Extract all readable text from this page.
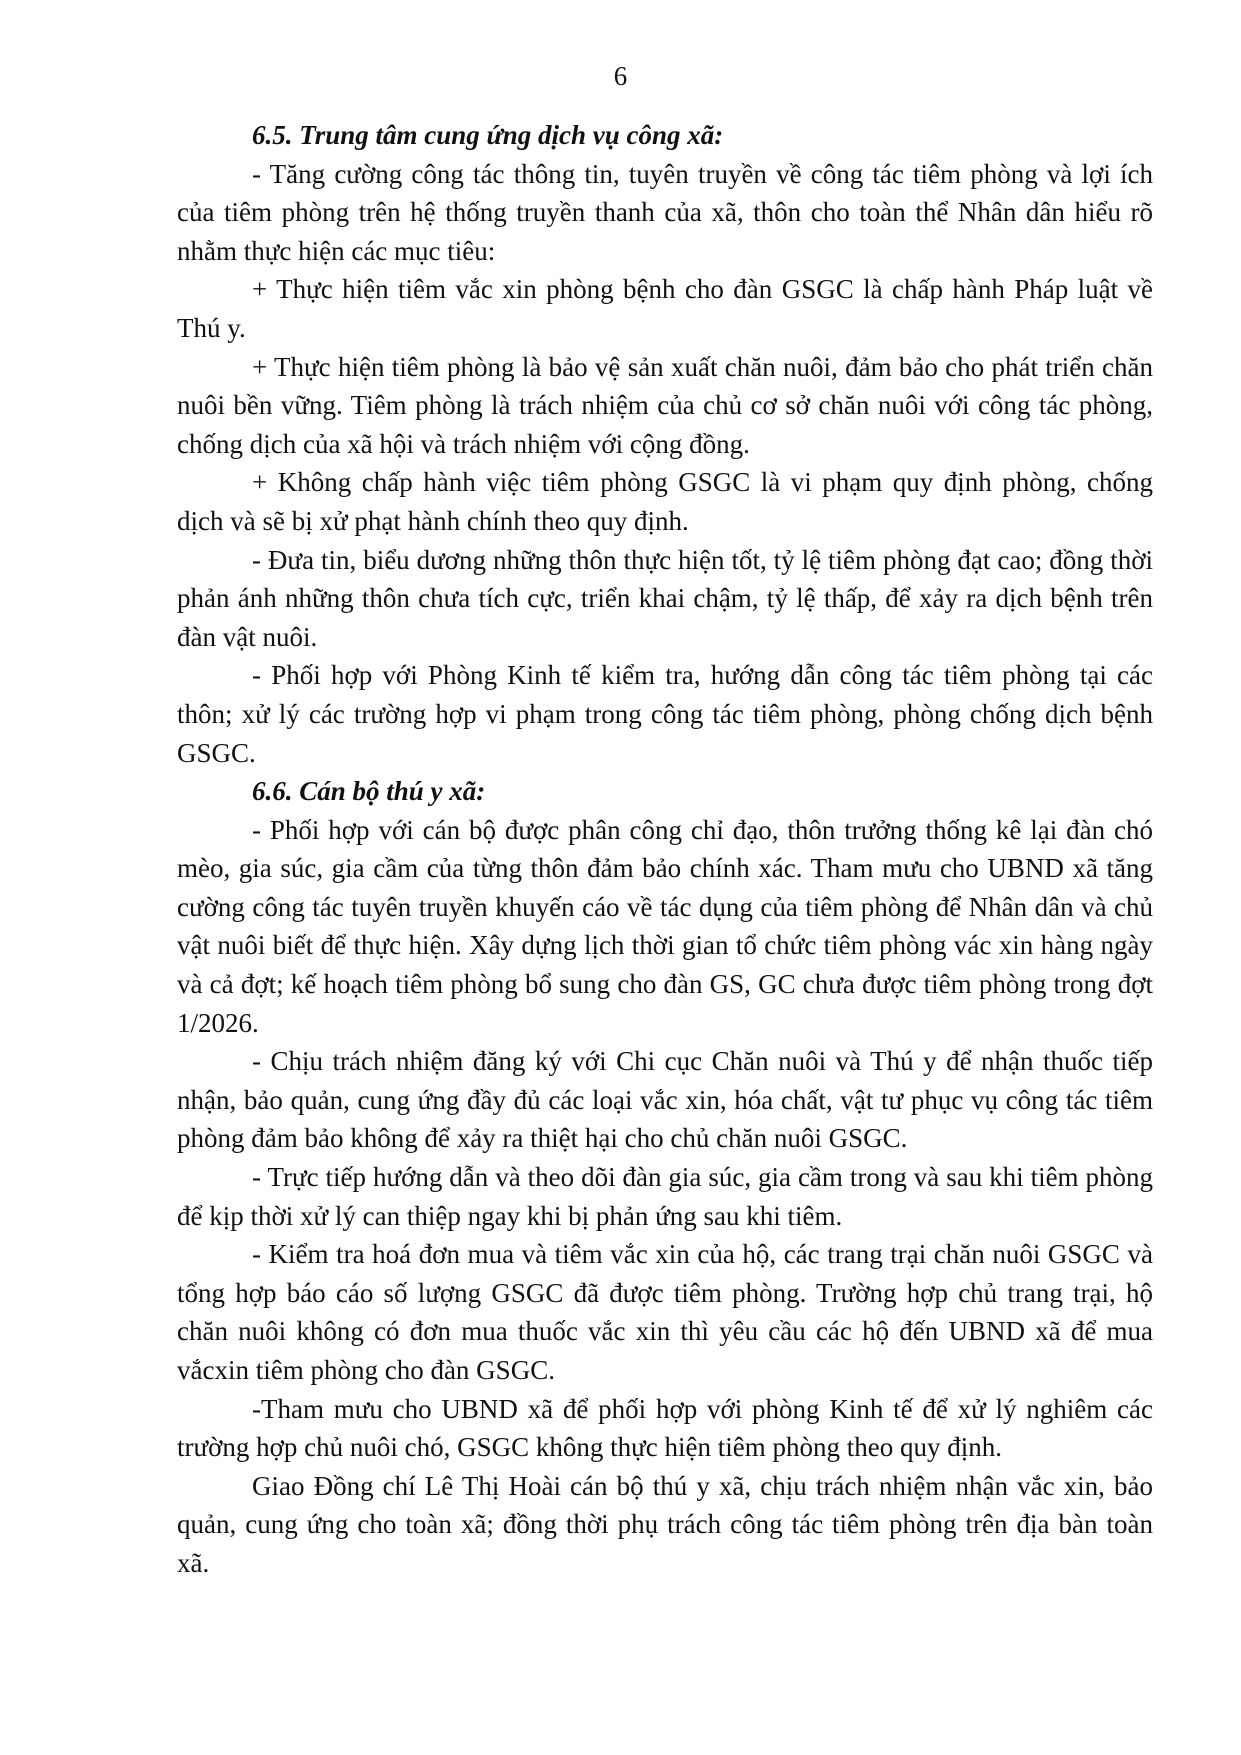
6

6.5. Trung tâm cung ứng dịch vụ công xã:

- Tăng cường công tác thông tin, tuyên truyền về công tác tiêm phòng và lợi ích của tiêm phòng trên hệ thống truyền thanh của xã, thôn cho toàn thể Nhân dân hiểu rõ nhằm thực hiện các mục tiêu:

+ Thực hiện tiêm vắc xin phòng bệnh cho đàn GSGC là chấp hành Pháp luật về Thú y.

+ Thực hiện tiêm phòng là bảo vệ sản xuất chăn nuôi, đảm bảo cho phát triển chăn nuôi bền vững. Tiêm phòng là trách nhiệm của chủ cơ sở chăn nuôi với công tác phòng, chống dịch của xã hội và trách nhiệm với cộng đồng.

+ Không chấp hành việc tiêm phòng GSGC là vi phạm quy định phòng, chống dịch và sẽ bị xử phạt hành chính theo quy định.

- Đưa tin, biểu dương những thôn thực hiện tốt, tỷ lệ tiêm phòng đạt cao; đồng thời phản ánh những thôn chưa tích cực, triển khai chậm, tỷ lệ thấp, để xảy ra dịch bệnh trên đàn vật nuôi.

- Phối hợp với Phòng Kinh tế kiểm tra, hướng dẫn công tác tiêm phòng tại các thôn; xử lý các trường hợp vi phạm trong công tác tiêm phòng, phòng chống dịch bệnh GSGC.

6.6. Cán bộ thú y xã:

- Phối hợp với cán bộ được phân công chỉ đạo, thôn trưởng thống kê lại đàn chó mèo, gia súc, gia cầm của từng thôn đảm bảo chính xác. Tham mưu cho UBND xã tăng cường công tác tuyên truyền khuyến cáo về tác dụng của tiêm phòng để Nhân dân và chủ vật nuôi biết để thực hiện. Xây dựng lịch thời gian tổ chức tiêm phòng vác xin hàng ngày và cả đợt; kế hoạch tiêm phòng bổ sung cho đàn GS, GC chưa được tiêm phòng trong đợt 1/2026.

- Chịu trách nhiệm đăng ký với Chi cục Chăn nuôi và Thú y để nhận thuốc tiếp nhận, bảo quản, cung ứng đầy đủ các loại vắc xin, hóa chất, vật tư phục vụ công tác tiêm phòng đảm bảo không để xảy ra thiệt hại cho chủ chăn nuôi GSGC.

- Trực tiếp hướng dẫn và theo dõi đàn gia súc, gia cầm trong và sau khi tiêm phòng để kịp thời xử lý can thiệp ngay khi bị phản ứng sau khi tiêm.

- Kiểm tra hoá đơn mua và tiêm vắc xin của hộ, các trang trại chăn nuôi GSGC và tổng hợp báo cáo số lượng GSGC đã được tiêm phòng. Trường hợp chủ trang trại, hộ chăn nuôi không có đơn mua thuốc vắc xin thì yêu cầu các hộ đến UBND xã để mua vắcxin tiêm phòng cho đàn GSGC.

-Tham mưu cho UBND xã để phối hợp với phòng Kinh tế để xử lý nghiêm các trường hợp chủ nuôi chó, GSGC không thực hiện tiêm phòng theo quy định.

Giao Đồng chí Lê Thị Hoài cán bộ thú y xã, chịu trách nhiệm nhận vắc xin, bảo quản, cung ứng cho toàn xã; đồng thời phụ trách công tác tiêm phòng trên địa bàn toàn xã.
